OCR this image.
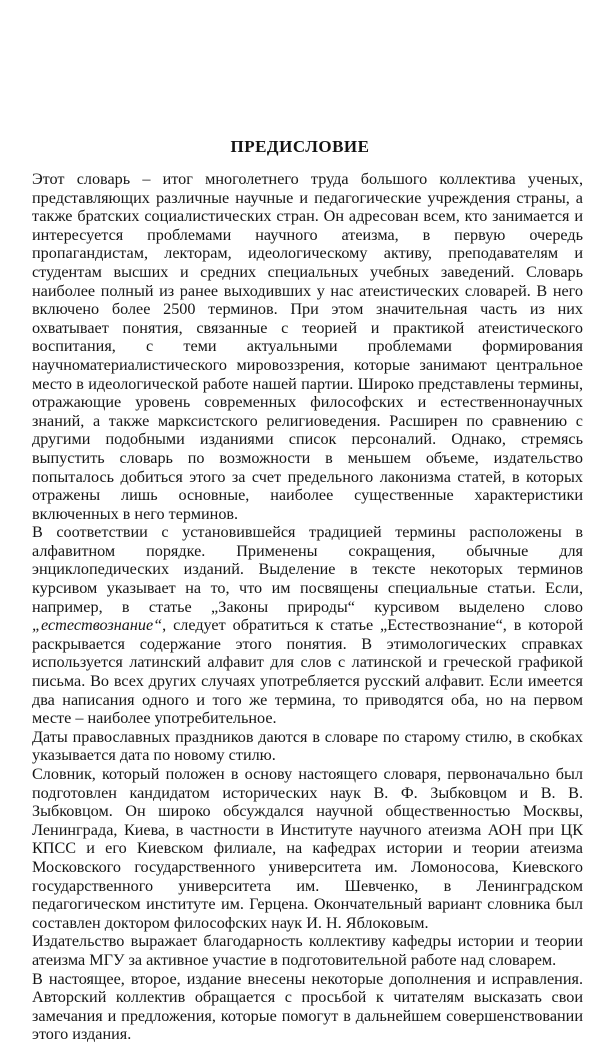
ПРЕДИСЛОВИЕ

Этот словарь – итог многолетнего труда большого коллектива ученых, представляющих различные научные и педагогические учреждения страны, а также братских социалистических стран. Он адресован всем, кто занимается и интересуется проблемами научного атеизма, в первую очередь пропагандистам, лекторам, идеологическому активу, преподавателям и студентам высших и средних специальных учебных заведений. Словарь наиболее полный из ранее выходивших у нас атеистических словарей. В него включено более 2500 терминов. При этом значительная часть из них охватывает понятия, связанные с теорией и практикой атеистического воспитания, с теми актуальными проблемами формирования научноматериалистического мировоззрения, которые занимают центральное место в идеологической работе нашей партии. Широко представлены термины, отражающие уровень современных философских и естественнонаучных знаний, а также марксистского религиоведения. Расширен по сравнению с другими подобными изданиями список персоналий. Однако, стремясь выпустить словарь по возможности в меньшем объеме, издательство попыталось добиться этого за счет предельного лаконизма статей, в которых отражены лишь основные, наиболее существенные характеристики включенных в него терминов.

В соответствии с установившейся традицией термины расположены в алфавитном порядке. Применены сокращения, обычные для энциклопедических изданий. Выделение в тексте некоторых терминов курсивом указывает на то, что им посвящены специальные статьи. Если, например, в статье „Законы природы“ курсивом выделено слово „естествознание“, следует обратиться к статье „Естествознание“, в которой раскрывается содержание этого понятия. В этимологических справках используется латинский алфавит для слов с латинской и греческой графикой письма. Во всех других случаях употребляется русский алфавит. Если имеется два написания одного и того же термина, то приводятся оба, но на первом месте – наиболее употребительное.

Даты православных праздников даются в словаре по старому стилю, в скобках указывается дата по новому стилю.

Словник, который положен в основу настоящего словаря, первоначально был подготовлен кандидатом исторических наук В. Ф. Зыбковцом и В. В. Зыбковцом. Он широко обсуждался научной общественностью Москвы, Ленинграда, Киева, в частности в Институте научного атеизма АОН при ЦК КПСС и его Киевском филиале, на кафедрах истории и теории атеизма Московского государственного университета им. Ломоносова, Киевского государственного университета им. Шевченко, в Ленинградском педагогическом институте им. Герцена. Окончательный вариант словника был составлен доктором философских наук И. Н. Яблоковым.

Издательство выражает благодарность коллективу кафедры истории и теории атеизма МГУ за активное участие в подготовительной работе над словарем.

В настоящее, второе, издание внесены некоторые дополнения и исправления. Авторский коллектив обращается с просьбой к читателям высказать свои замечания и предложения, которые помогут в дальнейшем совершенствовании этого издания.
